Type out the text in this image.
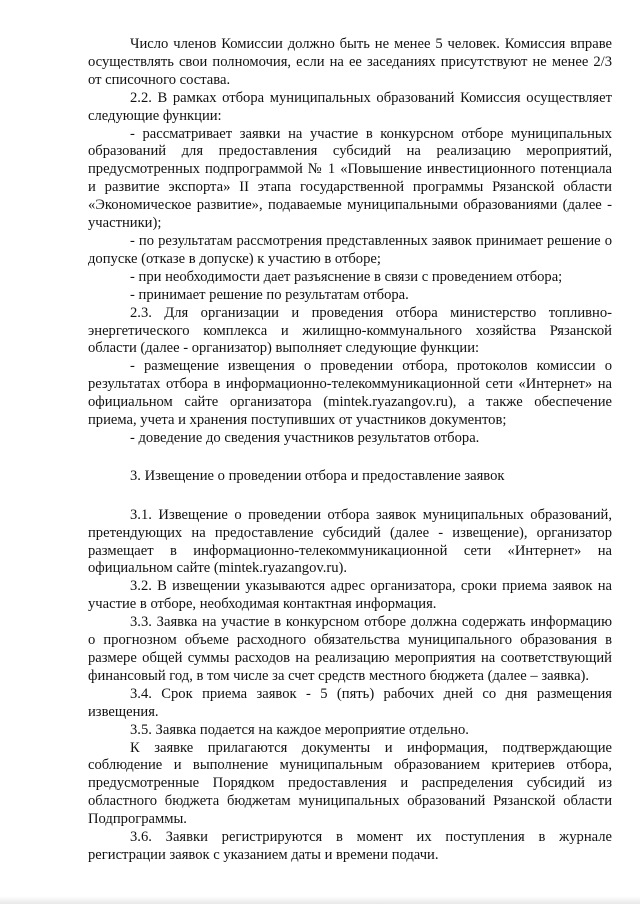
Число членов Комиссии должно быть не менее 5 человек. Комиссия вправе осуществлять свои полномочия, если на ее заседаниях присутствуют не менее 2/3 от списочного состава.

2.2. В рамках отбора муниципальных образований Комиссия осуществляет следующие функции:

- рассматривает заявки на участие в конкурсном отборе муниципальных образований для предоставления субсидий на реализацию мероприятий, предусмотренных подпрограммой № 1 «Повышение инвестиционного потенциала и развитие экспорта» II этапа государственной программы Рязанской области «Экономическое развитие», подаваемые муниципальными образованиями (далее - участники);

- по результатам рассмотрения представленных заявок принимает решение о допуске (отказе в допуске) к участию в отборе;

- при необходимости дает разъяснение в связи с проведением отбора;

- принимает решение по результатам отбора.

2.3. Для организации и проведения отбора министерство топливно-энергетического комплекса и жилищно-коммунального хозяйства Рязанской области (далее - организатор) выполняет следующие функции:

- размещение извещения о проведении отбора, протоколов комиссии о результатах отбора в информационно-телекоммуникационной сети «Интернет» на официальном сайте организатора (mintek.ryazangov.ru), а также обеспечение приема, учета и хранения поступивших от участников документов;

- доведение до сведения участников результатов отбора.

3. Извещение о проведении отбора и предоставление заявок

3.1. Извещение о проведении отбора заявок муниципальных образований, претендующих на предоставление субсидий (далее - извещение), организатор размещает в информационно-телекоммуникационной сети «Интернет» на официальном сайте (mintek.ryazangov.ru).

3.2. В извещении указываются адрес организатора, сроки приема заявок на участие в отборе, необходимая контактная информация.

3.3. Заявка на участие в конкурсном отборе должна содержать информацию о прогнозном объеме расходного обязательства муниципального образования в размере общей суммы расходов на реализацию мероприятия на соответствующий финансовый год, в том числе за счет средств местного бюджета (далее – заявка).

3.4. Срок приема заявок - 5 (пять) рабочих дней со дня размещения извещения.

3.5. Заявка подается на каждое мероприятие отдельно.

К заявке прилагаются документы и информация, подтверждающие соблюдение и выполнение муниципальным образованием критериев отбора, предусмотренные Порядком предоставления и распределения субсидий из областного бюджета бюджетам муниципальных образований Рязанской области Подпрограммы.

3.6. Заявки регистрируются в момент их поступления в журнале регистрации заявок с указанием даты и времени подачи.
